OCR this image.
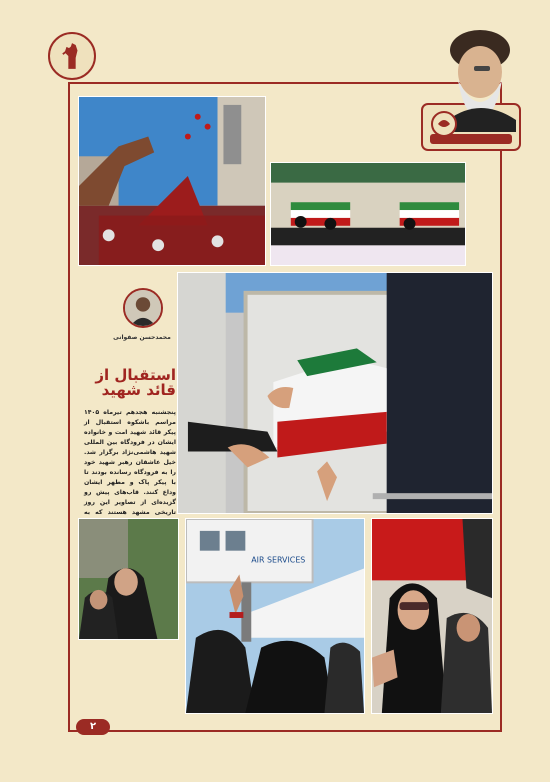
محمدحسن صفوانی
استقبال از قائد شهید
پنجشنبه هجدهم تیرماه ۱۴۰۵ مراسم باشکوه استقبال از پیکر قائد شهید امت و خانواده ایشان در فرودگاه بین المللی شهید هاشمی‌نژاد برگزار شد. خیل عاشقان رهبر شهید خود را به فرودگاه رسانده بودند تا با پیکر پاک و مطهر ایشان وداع کنند. قاب‌های پیش رو گزیده‌ای از تصاویر این روز تاریخی مشهد هستند که به
AIR SERVICES
۲
